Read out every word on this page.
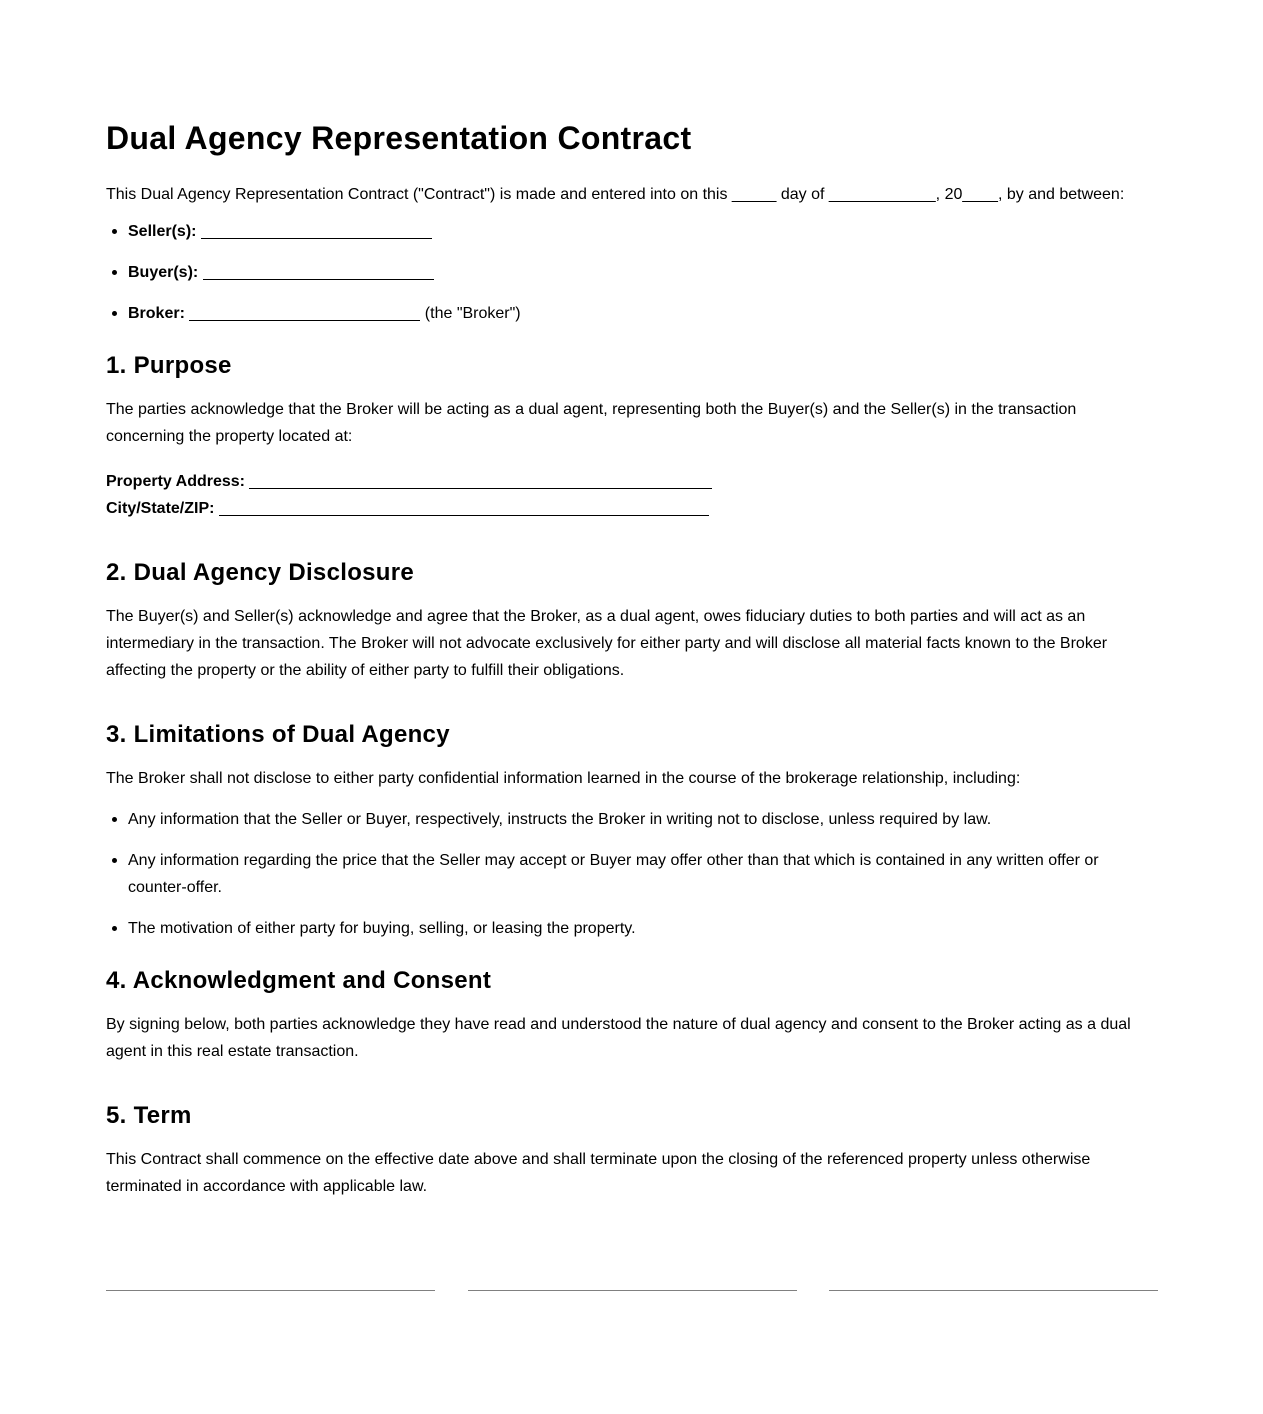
Dual Agency Representation Contract

This Dual Agency Representation Contract ("Contract") is made and entered into on this _____ day of ____________, 20____, by and between:

Seller(s):
Buyer(s):
Broker:	(the "Broker")
1. Purpose

The parties acknowledge that the Broker will be acting as a dual agent, representing both the Buyer(s) and the Seller(s) in the transaction concerning the property located at:

Property Address:
City/State/ZIP:
2. Dual Agency Disclosure

The Buyer(s) and Seller(s) acknowledge and agree that the Broker, as a dual agent, owes fiduciary duties to both parties and will act as an intermediary in the transaction. The Broker will not advocate exclusively for either party and will disclose all material facts known to the Broker affecting the property or the ability of either party to fulfill their obligations.

3. Limitations of Dual Agency

The Broker shall not disclose to either party confidential information learned in the course of the brokerage relationship, including:

Any information that the Seller or Buyer, respectively, instructs the Broker in writing not to disclose, unless required by law.
Any information regarding the price that the Seller may accept or Buyer may offer other than that which is contained in any written offer or counter-offer.
The motivation of either party for buying, selling, or leasing the property.
4. Acknowledgment and Consent

By signing below, both parties acknowledge they have read and understood the nature of dual agency and consent to the Broker acting as a dual agent in this real estate transaction.

5. Term

This Contract shall commence on the effective date above and shall terminate upon the closing of the referenced property unless otherwise terminated in accordance with applicable law.
